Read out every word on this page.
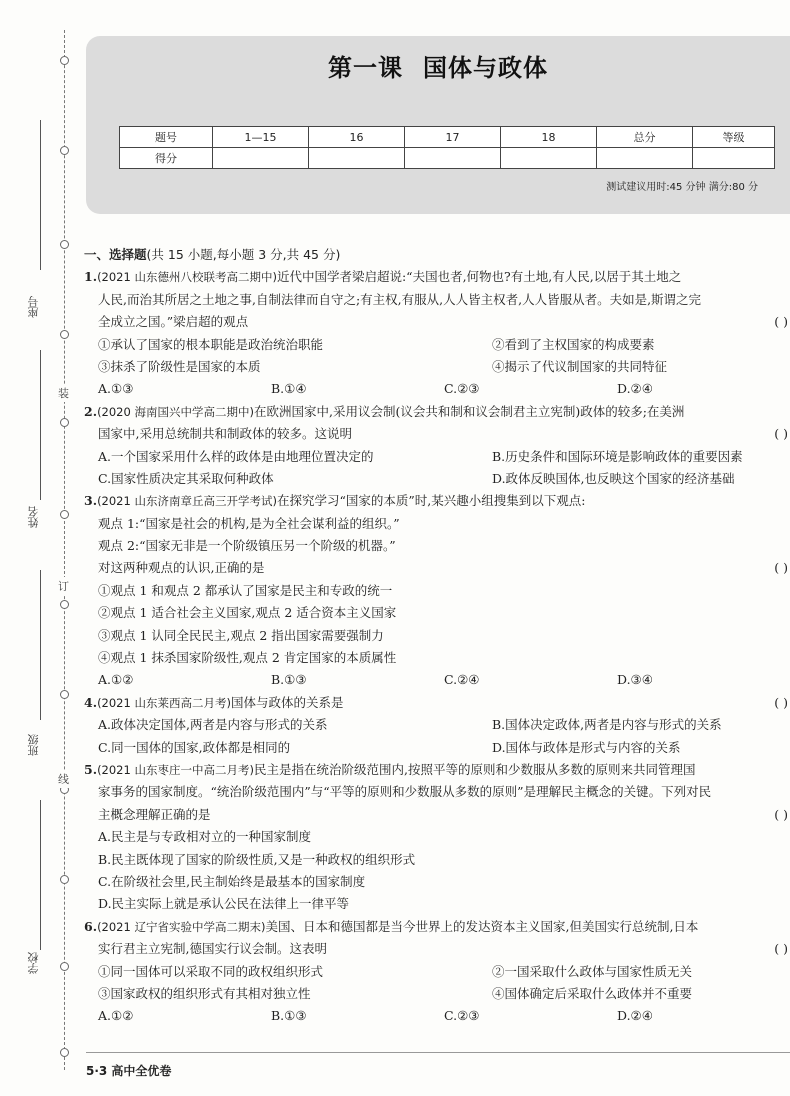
座号
姓名
班级
学校
装
订
线
第一课 国体与政体
题号	1—15	16	17	18	总分	等级
得分						
测试建议用时:45 分钟 满分:80 分
一、选择题(共 15 小题,每小题 3 分,共 45 分)
1.(2021 山东德州八校联考高二期中)近代中国学者梁启超说:“夫国也者,何物也?有土地,有人民,以居于其土地之
人民,而治其所居之土地之事,自制法律而自守之;有主权,有服从,人人皆主权者,人人皆服从者。夫如是,斯谓之完
全成立之国。”梁启超的观点	( )
①承认了国家的根本职能是政治统治职能	②看到了主权国家的构成要素
③抹杀了阶级性是国家的本质	④揭示了代议制国家的共同特征
A.①③	B.①④	C.②③	D.②④
2.(2020 海南国兴中学高二期中)在欧洲国家中,采用议会制(议会共和制和议会制君主立宪制)政体的较多;在美洲
国家中,采用总统制共和制政体的较多。这说明	( )
A.一个国家采用什么样的政体是由地理位置决定的	B.历史条件和国际环境是影响政体的重要因素
C.国家性质决定其采取何种政体	D.政体反映国体,也反映这个国家的经济基础
3.(2021 山东济南章丘高三开学考试)在探究学习“国家的本质”时,某兴趣小组搜集到以下观点:
观点 1:“国家是社会的机构,是为全社会谋利益的组织。”
观点 2:“国家无非是一个阶级镇压另一个阶级的机器。”
对这两种观点的认识,正确的是	( )
①观点 1 和观点 2 都承认了国家是民主和专政的统一
②观点 1 适合社会主义国家,观点 2 适合资本主义国家
③观点 1 认同全民民主,观点 2 指出国家需要强制力
④观点 1 抹杀国家阶级性,观点 2 肯定国家的本质属性
A.①②	B.①③	C.②④	D.③④
4.(2021 山东莱西高二月考)国体与政体的关系是	( )
A.政体决定国体,两者是内容与形式的关系	B.国体决定政体,两者是内容与形式的关系
C.同一国体的国家,政体都是相同的	D.国体与政体是形式与内容的关系
5.(2021 山东枣庄一中高二月考)民主是指在统治阶级范围内,按照平等的原则和少数服从多数的原则来共同管理国
家事务的国家制度。“统治阶级范围内”与“平等的原则和少数服从多数的原则”是理解民主概念的关键。下列对民
主概念理解正确的是	( )
A.民主是与专政相对立的一种国家制度
B.民主既体现了国家的阶级性质,又是一种政权的组织形式
C.在阶级社会里,民主制始终是最基本的国家制度
D.民主实际上就是承认公民在法律上一律平等
6.(2021 辽宁省实验中学高二期末)美国、日本和德国都是当今世界上的发达资本主义国家,但美国实行总统制,日本
实行君主立宪制,德国实行议会制。这表明	( )
①同一国体可以采取不同的政权组织形式	②一国采取什么政体与国家性质无关
③国家政权的组织形式有其相对独立性	④国体确定后采取什么政体并不重要
A.①②	B.①③	C.②③	D.②④
5·3 高中全优卷
